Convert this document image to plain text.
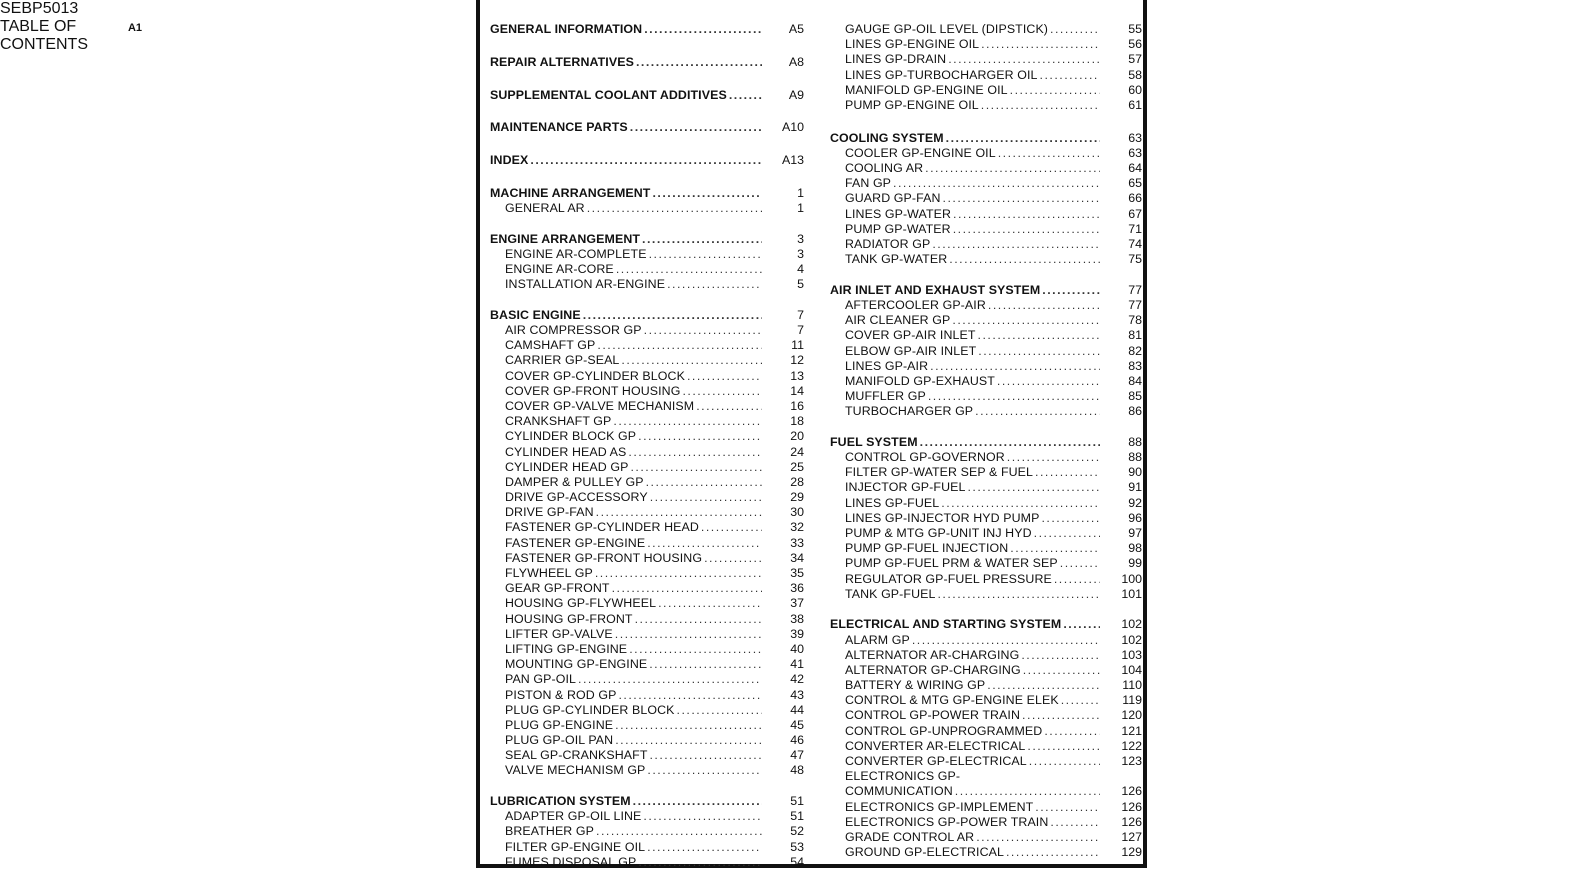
GENERAL INFORMATION .....	A5
REPAIR ALTERNATIVES .....	A8
SUPPLEMENTAL COOLANT ADDITIVES .....	A9
MAINTENANCE PARTS .....	A10
INDEX .....	A13
MACHINE ARRANGEMENT .....	1
GENERAL AR .....	1
ENGINE ARRANGEMENT .....	3
ENGINE AR-COMPLETE .....	3
ENGINE AR-CORE .....	4
INSTALLATION AR-ENGINE .....	5
BASIC ENGINE .....	7
AIR COMPRESSOR GP .....	7
CAMSHAFT GP .....	11
CARRIER GP-SEAL .....	12
COVER GP-CYLINDER BLOCK .....	13
COVER GP-FRONT HOUSING .....	14
COVER GP-VALVE MECHANISM .....	16
CRANKSHAFT GP .....	18
CYLINDER BLOCK GP .....	20
CYLINDER HEAD AS .....	24
CYLINDER HEAD GP .....	25
DAMPER & PULLEY GP .....	28
DRIVE GP-ACCESSORY .....	29
DRIVE GP-FAN .....	30
FASTENER GP-CYLINDER HEAD .....	32
FASTENER GP-ENGINE .....	33
FASTENER GP-FRONT HOUSING .....	34
FLYWHEEL GP .....	35
GEAR GP-FRONT .....	36
HOUSING GP-FLYWHEEL .....	37
HOUSING GP-FRONT .....	38
LIFTER GP-VALVE .....	39
LIFTING GP-ENGINE .....	40
MOUNTING GP-ENGINE .....	41
PAN GP-OIL .....	42
PISTON & ROD GP .....	43
PLUG GP-CYLINDER BLOCK .....	44
PLUG GP-ENGINE .....	45
PLUG GP-OIL PAN .....	46
SEAL GP-CRANKSHAFT .....	47
VALVE MECHANISM GP .....	48
LUBRICATION SYSTEM .....	51
ADAPTER GP-OIL LINE .....	51
BREATHER GP .....	52
FILTER GP-ENGINE OIL .....	53
FUMES DISPOSAL GP .....	54
GAUGE GP-OIL LEVEL (DIPSTICK) .....	55
LINES GP-ENGINE OIL .....	56
LINES GP-DRAIN .....	57
LINES GP-TURBOCHARGER OIL .....	58
MANIFOLD GP-ENGINE OIL .....	60
PUMP GP-ENGINE OIL .....	61
COOLING SYSTEM .....	63
COOLER GP-ENGINE OIL .....	63
COOLING AR .....	64
FAN GP .....	65
GUARD GP-FAN .....	66
LINES GP-WATER .....	67
PUMP GP-WATER .....	71
RADIATOR GP .....	74
TANK GP-WATER .....	75
AIR INLET AND EXHAUST SYSTEM .....	77
AFTERCOOLER GP-AIR .....	77
AIR CLEANER GP .....	78
COVER GP-AIR INLET .....	81
ELBOW GP-AIR INLET .....	82
LINES GP-AIR .....	83
MANIFOLD GP-EXHAUST .....	84
MUFFLER GP .....	85
TURBOCHARGER GP .....	86
FUEL SYSTEM .....	88
CONTROL GP-GOVERNOR .....	88
FILTER GP-WATER SEP & FUEL .....	90
INJECTOR GP-FUEL .....	91
LINES GP-FUEL .....	92
LINES GP-INJECTOR HYD PUMP .....	96
PUMP & MTG GP-UNIT INJ HYD .....	97
PUMP GP-FUEL INJECTION .....	98
PUMP GP-FUEL PRM & WATER SEP .....	99
REGULATOR GP-FUEL PRESSURE .....	100
TANK GP-FUEL .....	101
ELECTRICAL AND STARTING SYSTEM .....	102
ALARM GP .....	102
ALTERNATOR AR-CHARGING .....	103
ALTERNATOR GP-CHARGING .....	104
BATTERY & WIRING GP .....	110
CONTROL & MTG GP-ENGINE ELEK .....	119
CONTROL GP-POWER TRAIN .....	120
CONTROL GP-UNPROGRAMMED .....	121
CONVERTER AR-ELECTRICAL .....	122
CONVERTER GP-ELECTRICAL .....	123
ELECTRONICS GP-
COMMUNICATION .....	126
ELECTRONICS GP-IMPLEMENT .....	126
ELECTRONICS GP-POWER TRAIN .....	126
GRADE CONTROL AR .....	127
GROUND GP-ELECTRICAL .....	129
SEBP5013
TABLE OF CONTENTS
A1
